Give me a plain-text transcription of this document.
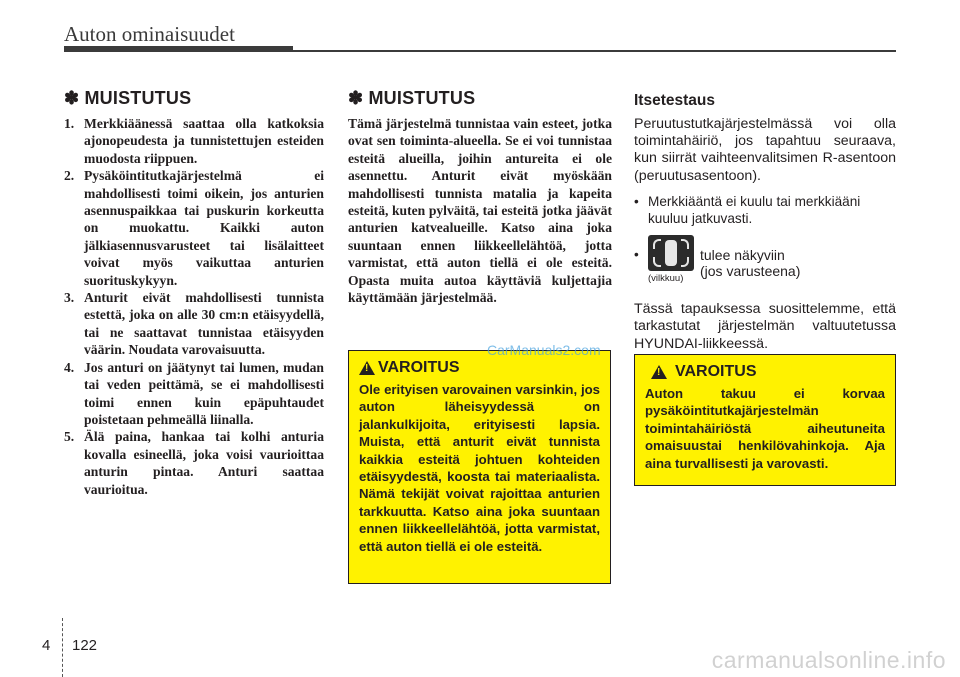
Auton ominaisuudet
✽ MUISTUTUS
1. Merkkiäänessä saattaa olla katkoksia ajonopeudesta ja tunnistettujen esteiden muodosta riippuen.
2. Pysäköintitutkajärjestelmä ei mahdollisesti toimi oikein, jos anturien asennuspaikkaa tai puskurin korkeutta on muokattu. Kaikki auton jälkiasennusvarusteet tai lisälaitteet voivat myös vaikuttaa anturien suorituskykyyn.
3. Anturit eivät mahdollisesti tunnista estettä, joka on alle 30 cm:n etäisyydellä, tai ne saattavat tunnistaa etäisyyden väärin. Noudata varovaisuutta.
4. Jos anturi on jäätynyt tai lumen, mudan tai veden peittämä, se ei mahdollisesti toimi ennen kuin epäpuhtaudet poistetaan pehmeällä liinalla.
5. Älä paina, hankaa tai kolhi anturia kovalla esineellä, joka voisi vaurioittaa anturin pintaa. Anturi saattaa vaurioitua.
✽ MUISTUTUS

Tämä järjestelmä tunnistaa vain esteet, jotka ovat sen toiminta-alueella. Se ei voi tunnistaa esteitä alueilla, joihin antureita ei ole asennettu. Anturit eivät myöskään mahdollisesti tunnista matalia ja kapeita esteitä, kuten pylväitä, tai esteitä jotka jäävät anturien katvealueille. Katso aina joka suuntaan ennen liikkeellelähtöä, jotta varmistat, että auton tiellä ei ole esteitä. Opasta muita autoa käyttäviä kuljettajia käyttämään järjestelmää.

!
VAROITUS

Ole erityisen varovainen varsinkin, jos auton läheisyydessä on jalankulkijoita, erityisesti lapsia. Muista, että anturit eivät tunnista kaikkia esteitä johtuen kohteiden etäisyydestä, koosta tai materiaalista. Nämä tekijät voivat rajoittaa anturien tarkkuutta. Katso aina joka suuntaan ennen liikkeellelähtöä, jotta varmistat, että auton tiellä ei ole esteitä.

Itsetestaus

Peruutustutkajärjestelmässä voi olla toimintahäiriö, jos tapahtuu seuraava, kun siirrät vaihteenvalitsimen R-asentoon (peruutusasentoon).

• Merkkiääntä ei kuulu tai merkkiääni kuuluu jatkuvasti.
•
(vilkkuu)
tulee näkyviin
(jos varusteena)

Tässä tapauksessa suosittelemme, että tarkastutat järjestelmän valtuutetussa HYUNDAI-liikkeessä.

!
VAROITUS

Auton takuu ei korvaa pysäköintitutkajärjestelmän toimintahäiriöstä aiheutuneita omaisuustai henkilövahinkoja. Aja aina turvallisesti ja varovasti.

CarManuals2.com
4 122
carmanualsonline.info
